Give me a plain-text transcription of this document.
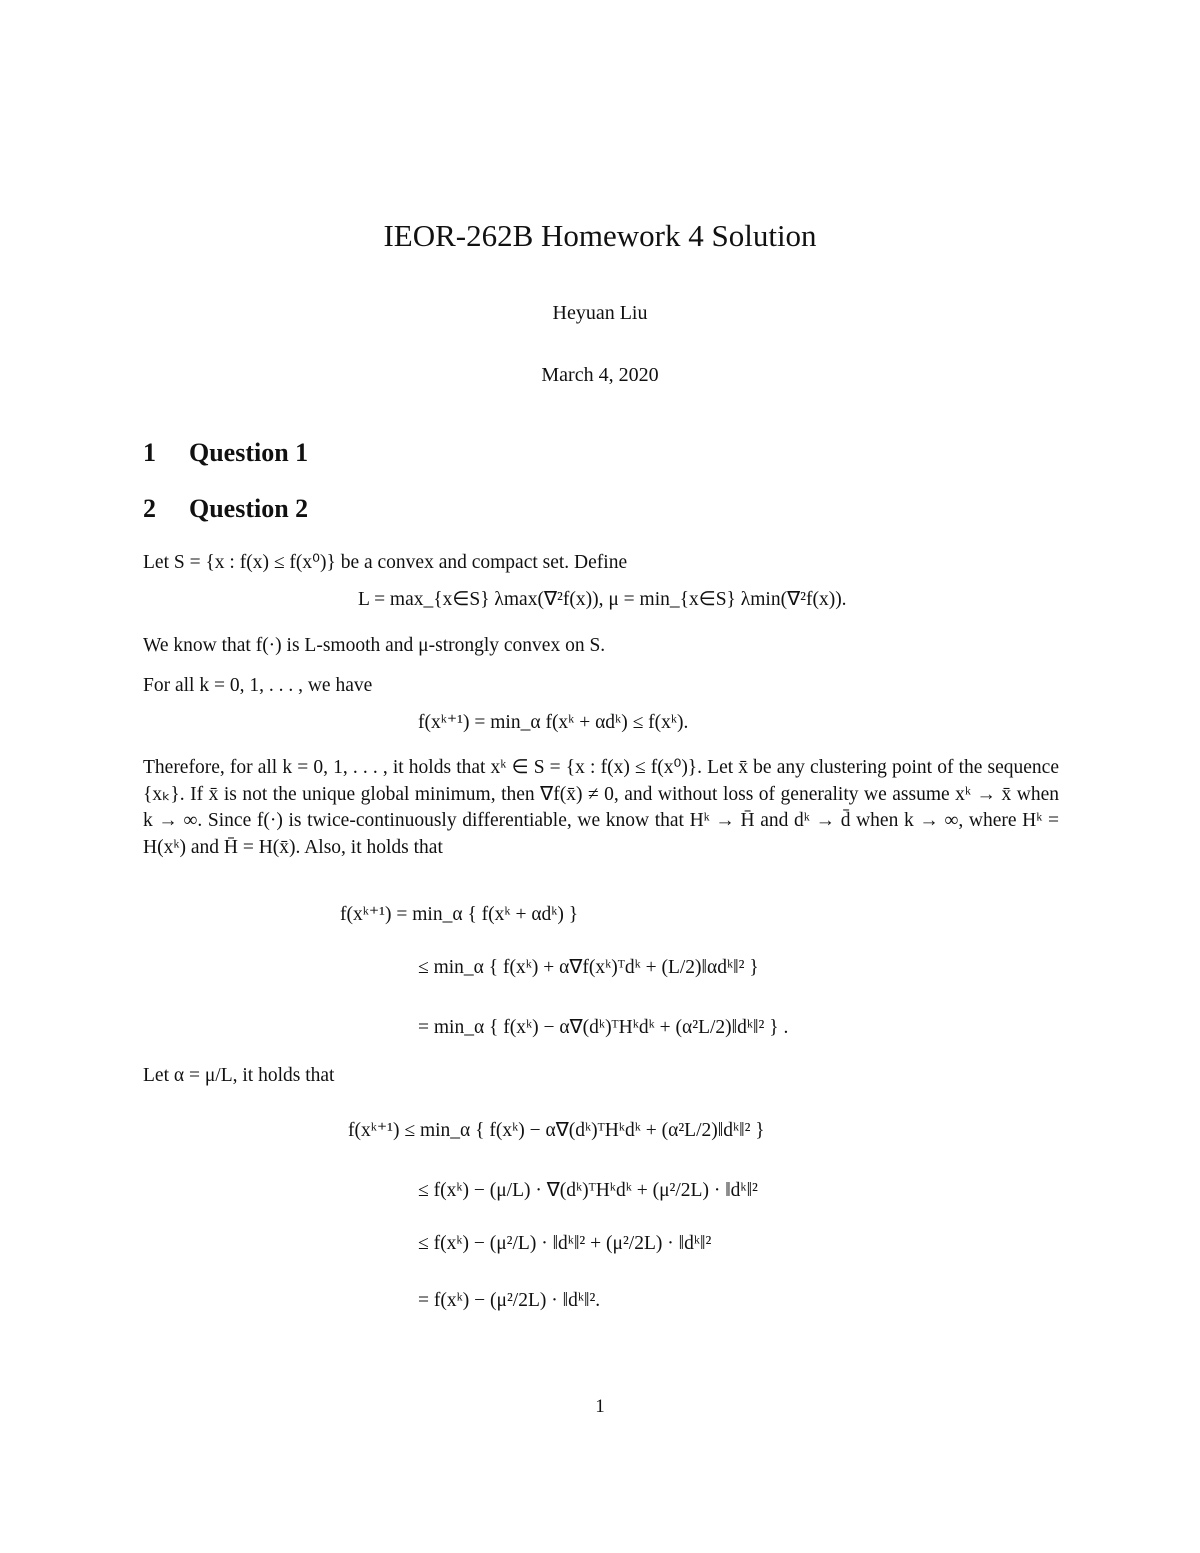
IEOR-262B Homework 4 Solution
Heyuan Liu
March 4, 2020
1 Question 1
2 Question 2
Let S = {x : f(x) ≤ f(x⁰)} be a convex and compact set. Define
L = max_{x∈S} λmax(∇²f(x)), μ = min_{x∈S} λmin(∇²f(x)).
We know that f(·) is L-smooth and μ-strongly convex on S.
For all k = 0, 1, . . . , we have
f(xᵏ⁺¹) = min_α f(xᵏ + αdᵏ) ≤ f(xᵏ).
Therefore, for all k = 0, 1, . . . , it holds that xᵏ ∈ S = {x : f(x) ≤ f(x⁰)}. Let x̄ be any clustering point of the sequence {xₖ}. If x̄ is not the unique global minimum, then ∇f(x̄) ≠ 0, and without loss of generality we assume xᵏ → x̄ when k → ∞. Since f(·) is twice-continuously differentiable, we know that Hᵏ → H̄ and dᵏ → d̄ when k → ∞, where Hᵏ = H(xᵏ) and H̄ = H(x̄). Also, it holds that
f(xᵏ⁺¹) = min_α { f(xᵏ + αdᵏ) }
≤ min_α { f(xᵏ) + α∇f(xᵏ)ᵀdᵏ + (L/2)‖αdᵏ‖² }
= min_α { f(xᵏ) − α∇(dᵏ)ᵀHᵏdᵏ + (α²L/2)‖dᵏ‖² } .
Let α = μ/L, it holds that
f(xᵏ⁺¹) ≤ min_α { f(xᵏ) − α∇(dᵏ)ᵀHᵏdᵏ + (α²L/2)‖dᵏ‖² }
≤ f(xᵏ) − (μ/L) · ∇(dᵏ)ᵀHᵏdᵏ + (μ²/2L) · ‖dᵏ‖²
≤ f(xᵏ) − (μ²/L) · ‖dᵏ‖² + (μ²/2L) · ‖dᵏ‖²
= f(xᵏ) − (μ²/2L) · ‖dᵏ‖².
1
